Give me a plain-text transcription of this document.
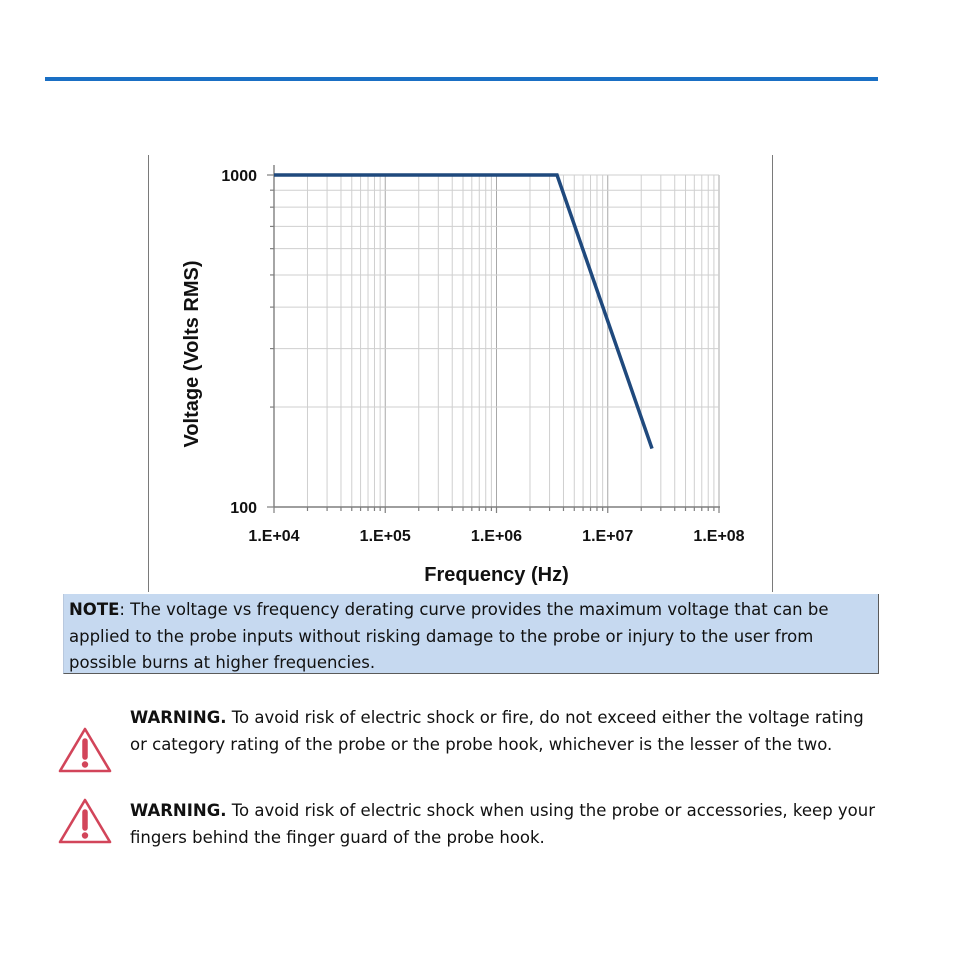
1.E+04	1.E+05	1.E+06	1.E+07	1.E+08
100
1000
Frequency (Hz)
Voltage (Volts RMS)
NOTE: The voltage vs frequency derating curve provides the maximum voltage that can be applied to the probe inputs without risking damage to the probe or injury to the user from possible burns at higher frequencies.
WARNING. To avoid risk of electric shock or fire, do not exceed either the voltage rating or category rating of the probe or the probe hook, whichever is the lesser of the two.
WARNING. To avoid risk of electric shock when using the probe or accessories, keep your fingers behind the finger guard of the probe hook.
